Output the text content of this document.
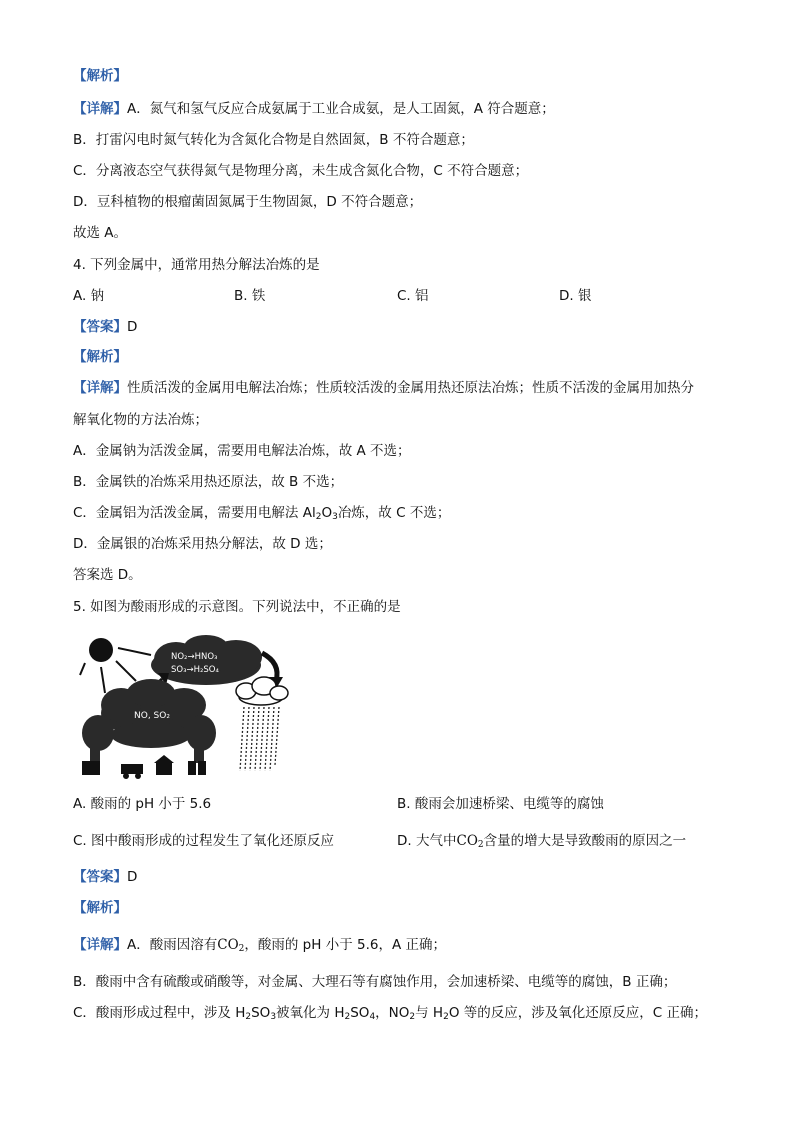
【解析】
【详解】A．氮气和氢气反应合成氨属于工业合成氨，是人工固氮，A 符合题意；
B．打雷闪电时氮气转化为含氮化合物是自然固氮，B 不符合题意；
C．分离液态空气获得氮气是物理分离，未生成含氮化合物，C 不符合题意；
D．豆科植物的根瘤菌固氮属于生物固氮，D 不符合题意；
故选 A。
4. 下列金属中，通常用热分解法冶炼的是
A. 钠	B. 铁	C. 铝	D. 银
【答案】D
【解析】
【详解】性质活泼的金属用电解法冶炼；性质较活泼的金属用热还原法冶炼；性质不活泼的金属用加热分
解氧化物的方法冶炼；
A．金属钠为活泼金属，需要用电解法冶炼，故 A 不选；
B．金属铁的冶炼采用热还原法，故 B 不选；
C．金属铝为活泼金属，需要用电解法 $Al_2O_3$冶炼，故 C 不选；
D．金属银的冶炼采用热分解法，故 D 选；
答案选 D。
5. 如图为酸雨形成的示意图。下列说法中，不正确的是
NO₂→HNO₃
SO₃→H₂SO₄
NO, SO₂
A. 酸雨的 pH 小于 5.6	B. 酸雨会加速桥梁、电缆等的腐蚀
C. 图中酸雨形成的过程发生了氧化还原反应	D. 大气中$CO_2$含量的增大是导致酸雨的原因之一
【答案】D
【解析】
【详解】A．酸雨因溶有$CO_2$，酸雨的 pH 小于 5.6，A 正确；
B．酸雨中含有硫酸或硝酸等，对金属、大理石等有腐蚀作用，会加速桥梁、电缆等的腐蚀，B 正确；
C．酸雨形成过程中，涉及 $H_2SO_3$被氧化为 $H_2SO_4$，$NO_2$与 $H_2O$ 等的反应，涉及氧化还原反应，C 正确；
